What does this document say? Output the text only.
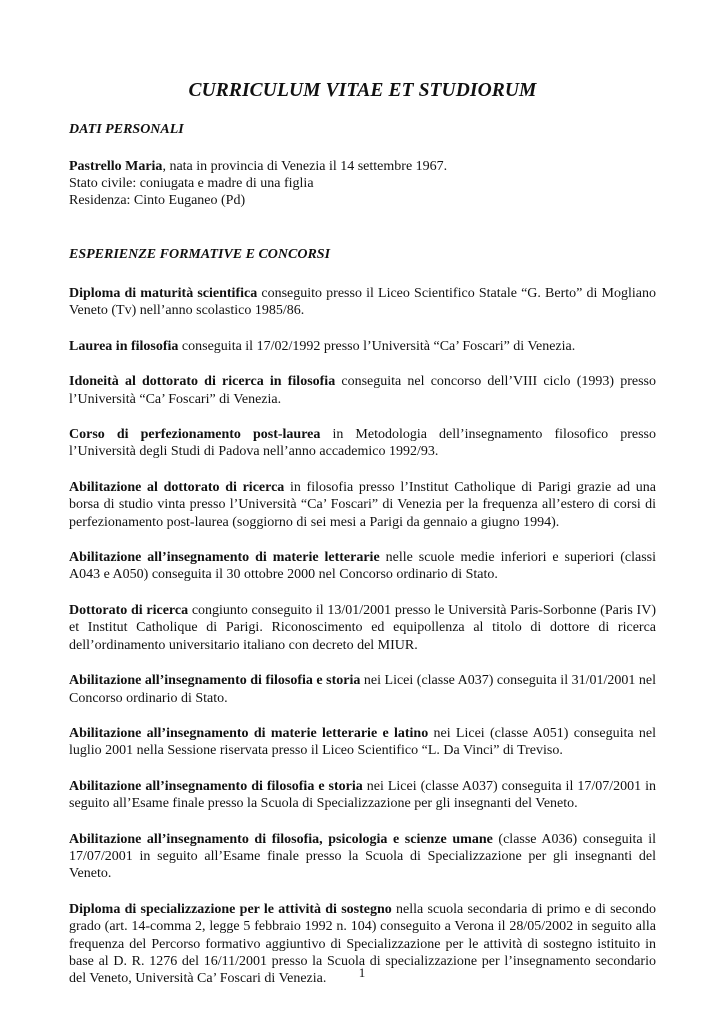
CURRICULUM VITAE ET STUDIORUM
DATI PERSONALI
Pastrello Maria, nata in provincia di Venezia il 14 settembre 1967.
Stato civile: coniugata e madre di una figlia
Residenza: Cinto Euganeo (Pd)
ESPERIENZE FORMATIVE E CONCORSI

Diploma di maturità scientifica conseguito presso il Liceo Scientifico Statale “G. Berto” di Mogliano Veneto (Tv) nell’anno scolastico 1985/86.

Laurea in filosofia conseguita il 17/02/1992 presso l’Università “Ca’ Foscari” di Venezia.

Idoneità al dottorato di ricerca in filosofia conseguita nel concorso dell’VIII ciclo (1993) presso l’Università “Ca’ Foscari” di Venezia.

Corso di perfezionamento post-laurea in Metodologia dell’insegnamento filosofico presso l’Università degli Studi di Padova nell’anno accademico 1992/93.

Abilitazione al dottorato di ricerca in filosofia presso l’Institut Catholique di Parigi grazie ad una borsa di studio vinta presso l’Università “Ca’ Foscari” di Venezia per la frequenza all’estero di corsi di perfezionamento post-laurea (soggiorno di sei mesi a Parigi da gennaio a giugno 1994).

Abilitazione all’insegnamento di materie letterarie nelle scuole medie inferiori e superiori (classi A043 e A050) conseguita il 30 ottobre 2000 nel Concorso ordinario di Stato.

Dottorato di ricerca congiunto conseguito il 13/01/2001 presso le Università Paris-Sorbonne (Paris IV) et Institut Catholique di Parigi. Riconoscimento ed equipollenza al titolo di dottore di ricerca dell’ordinamento universitario italiano con decreto del MIUR.

Abilitazione all’insegnamento di filosofia e storia nei Licei (classe A037) conseguita il 31/01/2001 nel Concorso ordinario di Stato.

Abilitazione all’insegnamento di materie letterarie e latino nei Licei (classe A051) conseguita nel luglio 2001 nella Sessione riservata presso il Liceo Scientifico “L. Da Vinci” di Treviso.

Abilitazione all’insegnamento di filosofia e storia nei Licei (classe A037) conseguita il 17/07/2001 in seguito all’Esame finale presso la Scuola di Specializzazione per gli insegnanti del Veneto.

Abilitazione all’insegnamento di filosofia, psicologia e scienze umane (classe A036) conseguita il 17/07/2001 in seguito all’Esame finale presso la Scuola di Specializzazione per gli insegnanti del Veneto.

Diploma di specializzazione per le attività di sostegno nella scuola secondaria di primo e di secondo grado (art. 14-comma 2, legge 5 febbraio 1992 n. 104) conseguito a Verona il 28/05/2002 in seguito alla frequenza del Percorso formativo aggiuntivo di Specializzazione per le attività di sostegno istituito in base al D. R. 1276 del 16/11/2001 presso la Scuola di specializzazione per l’insegnamento secondario del Veneto, Università Ca’ Foscari di Venezia.	1
